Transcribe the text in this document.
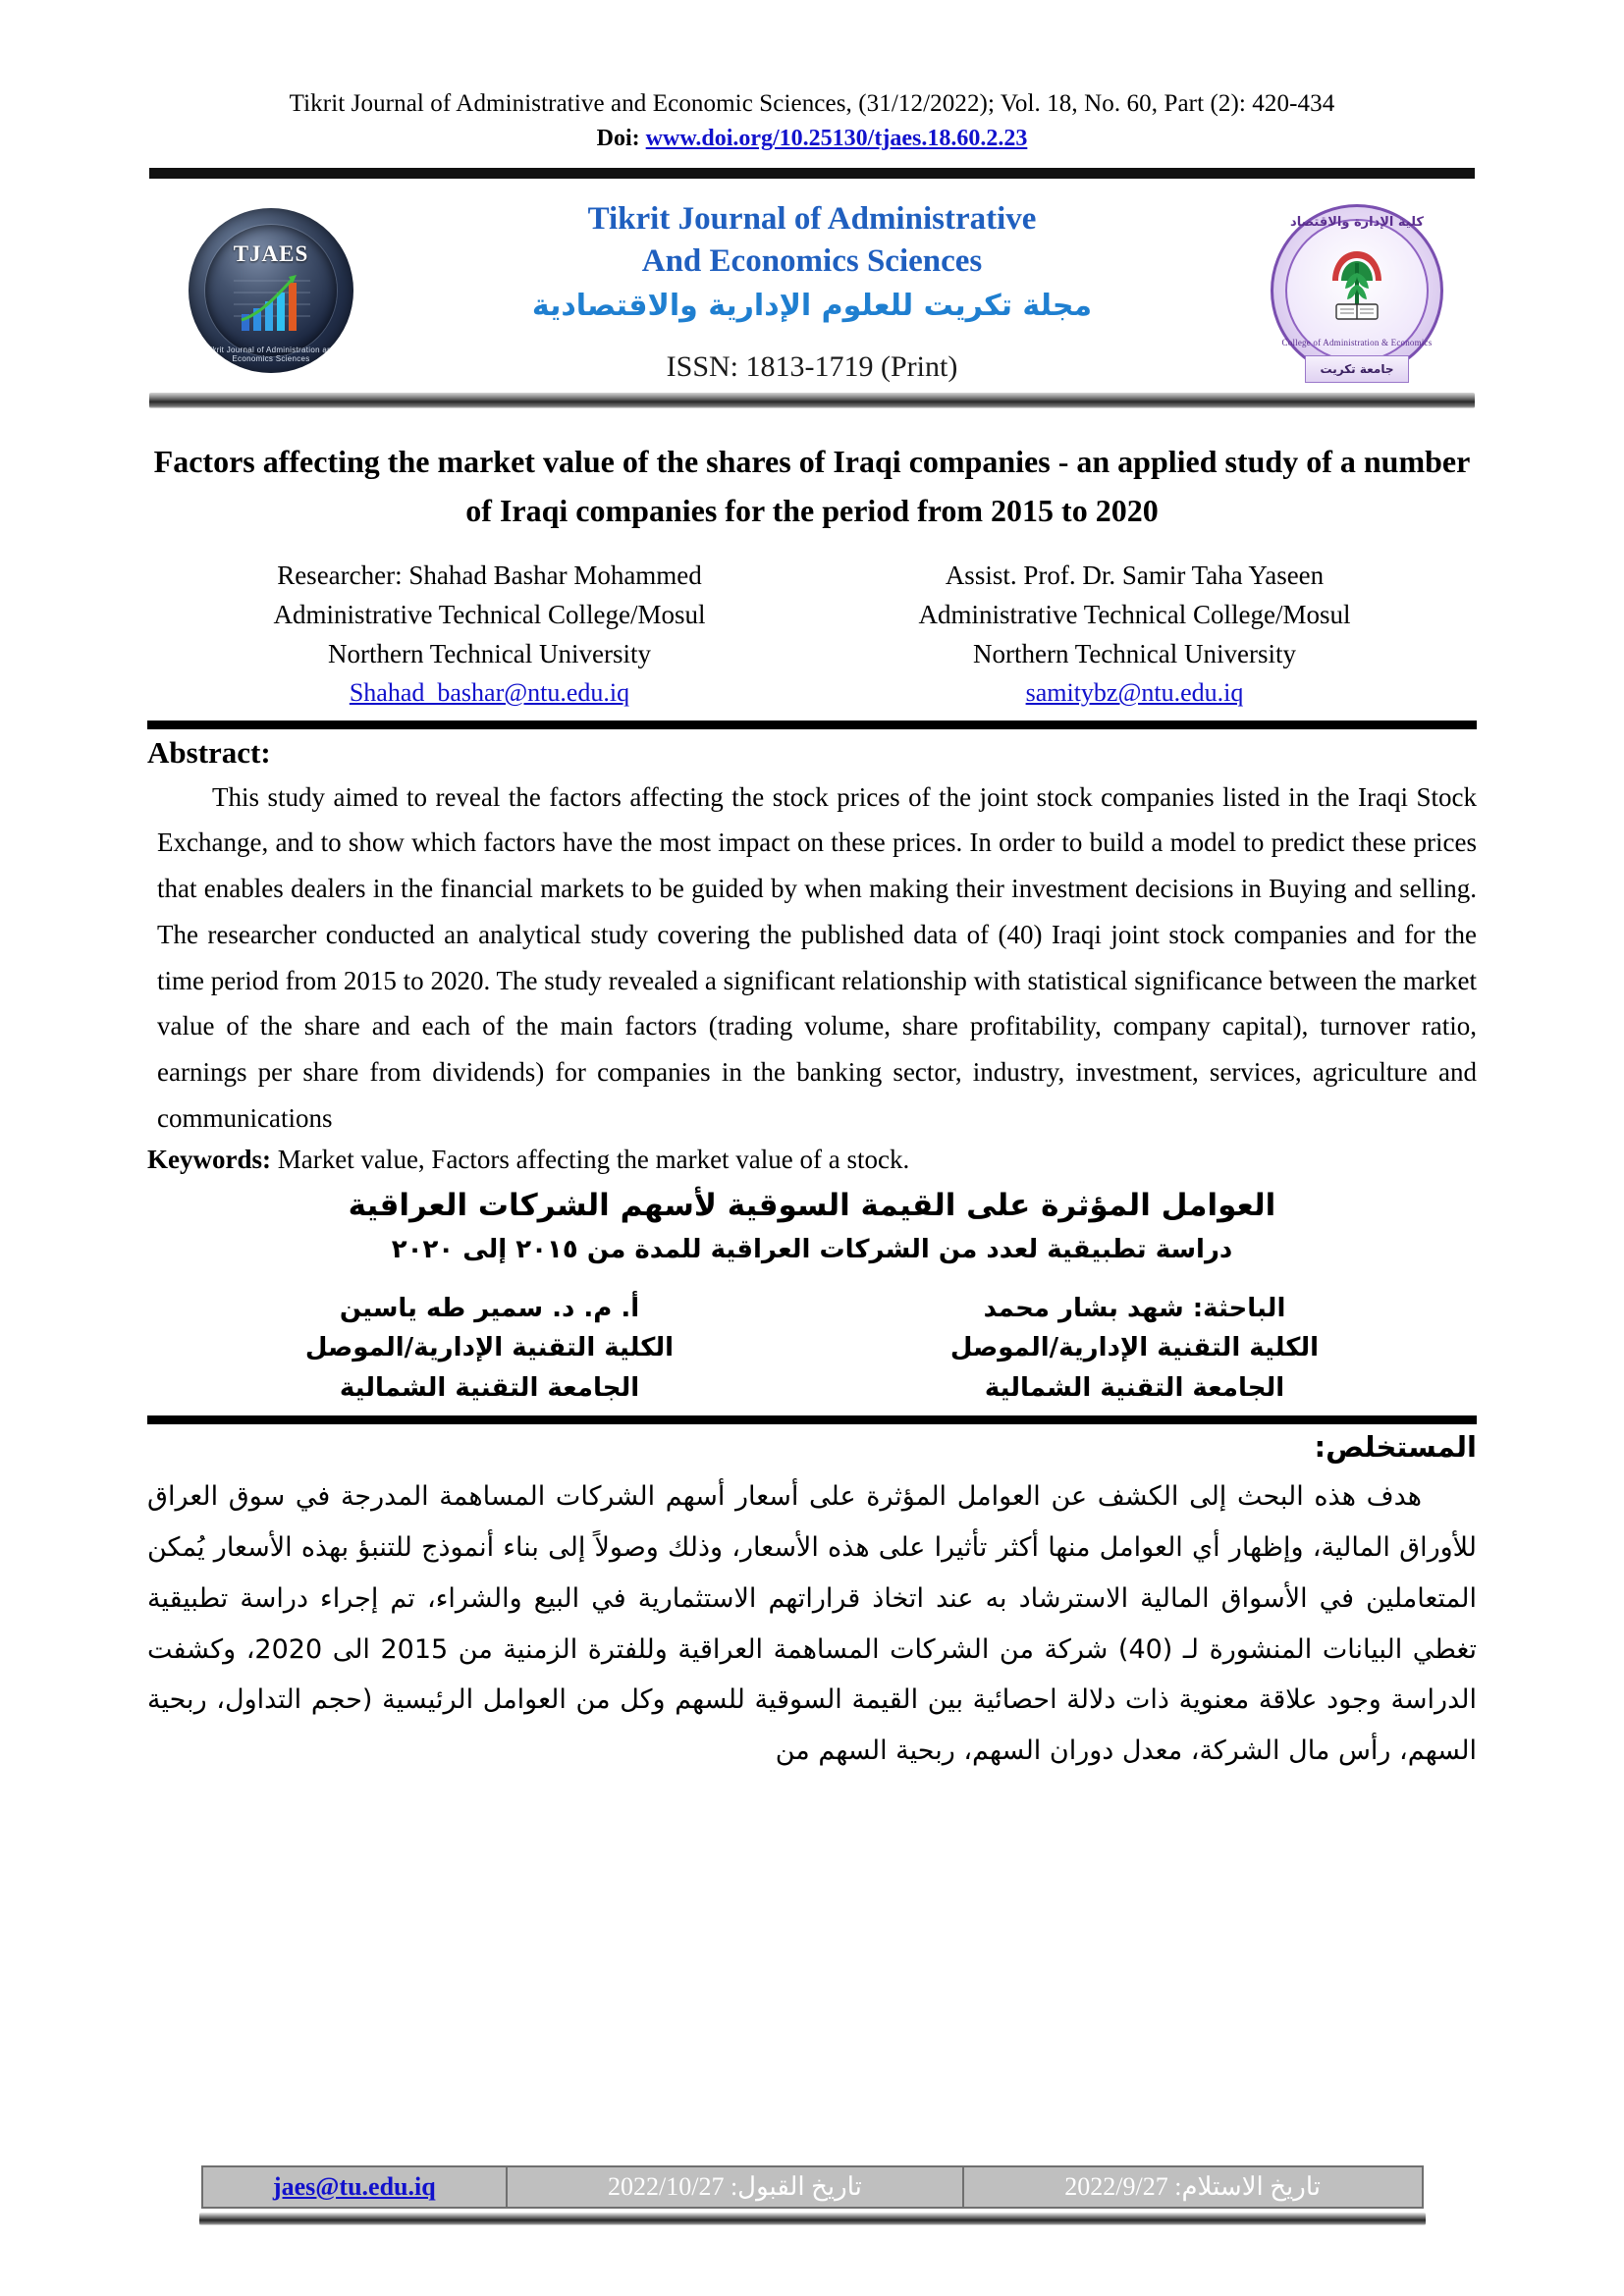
Tikrit Journal of Administrative and Economic Sciences, (31/12/2022); Vol. 18, No. 60, Part (2): 420-434
Doi: www.doi.org/10.25130/tjaes.18.60.2.23
TJAES
Tikrit Journal of Administration and Economics Sciences
Tikrit Journal of Administrative
And Economics Sciences
مجلة تكريت للعلوم الإدارية والاقتصادية
ISSN: 1813-1719 (Print)
كلية الإدارة والاقتصاد
College of Administration & Economics
جامعة تكريت
Factors affecting the market value of the shares of Iraqi companies - an applied study of a number of Iraqi companies for the period from 2015 to 2020
Researcher: Shahad Bashar Mohammed
Administrative Technical College/Mosul
Northern Technical University
Shahad_bashar@ntu.edu.iq
Assist. Prof. Dr. Samir Taha Yaseen
Administrative Technical College/Mosul
Northern Technical University
samitybz@ntu.edu.iq
Abstract:
This study aimed to reveal the factors affecting the stock prices of the joint stock companies listed in the Iraqi Stock Exchange, and to show which factors have the most impact on these prices. In order to build a model to predict these prices that enables dealers in the financial markets to be guided by when making their investment decisions in Buying and selling. The researcher conducted an analytical study covering the published data of (40) Iraqi joint stock companies and for the time period from 2015 to 2020. The study revealed a significant relationship with statistical significance between the market value of the share and each of the main factors (trading volume, share profitability, company capital), turnover ratio, earnings per share from dividends) for companies in the banking sector, industry, investment, services, agriculture and communications
Keywords: Market value, Factors affecting the market value of a stock.
العوامل المؤثرة على القيمة السوقية لأسهم الشركات العراقية
دراسة تطبيقية لعدد من الشركات العراقية للمدة من ٢٠١٥ إلى ٢٠٢٠
الباحثة: شهد بشار محمد
الكلية التقنية الإدارية/الموصل
الجامعة التقنية الشمالية
أ. م. د. سمير طه ياسين
الكلية التقنية الإدارية/الموصل
الجامعة التقنية الشمالية
المستخلص:
هدف هذه البحث إلى الكشف عن العوامل المؤثرة على أسعار أسهم الشركات المساهمة المدرجة في سوق العراق للأوراق المالية، وإظهار أي العوامل منها أكثر تأثيرا على هذه الأسعار، وذلك وصولاً إلى بناء أنموذج للتنبؤ بهذه الأسعار يُمكن المتعاملين في الأسواق المالية الاسترشاد به عند اتخاذ قراراتهم الاستثمارية في البيع والشراء، تم إجراء دراسة تطبيقية تغطي البيانات المنشورة لـ (40) شركة من الشركات المساهمة العراقية وللفترة الزمنية من 2015 الى 2020، وكشفت الدراسة وجود علاقة معنوية ذات دلالة احصائية بين القيمة السوقية للسهم وكل من العوامل الرئيسية (حجم التداول، ربحية السهم، رأس مال الشركة، معدل دوران السهم، ربحية السهم من
jaes@tu.edu.iq	تاريخ القبول: 2022/10/27	تاريخ الاستلام: 2022/9/27
